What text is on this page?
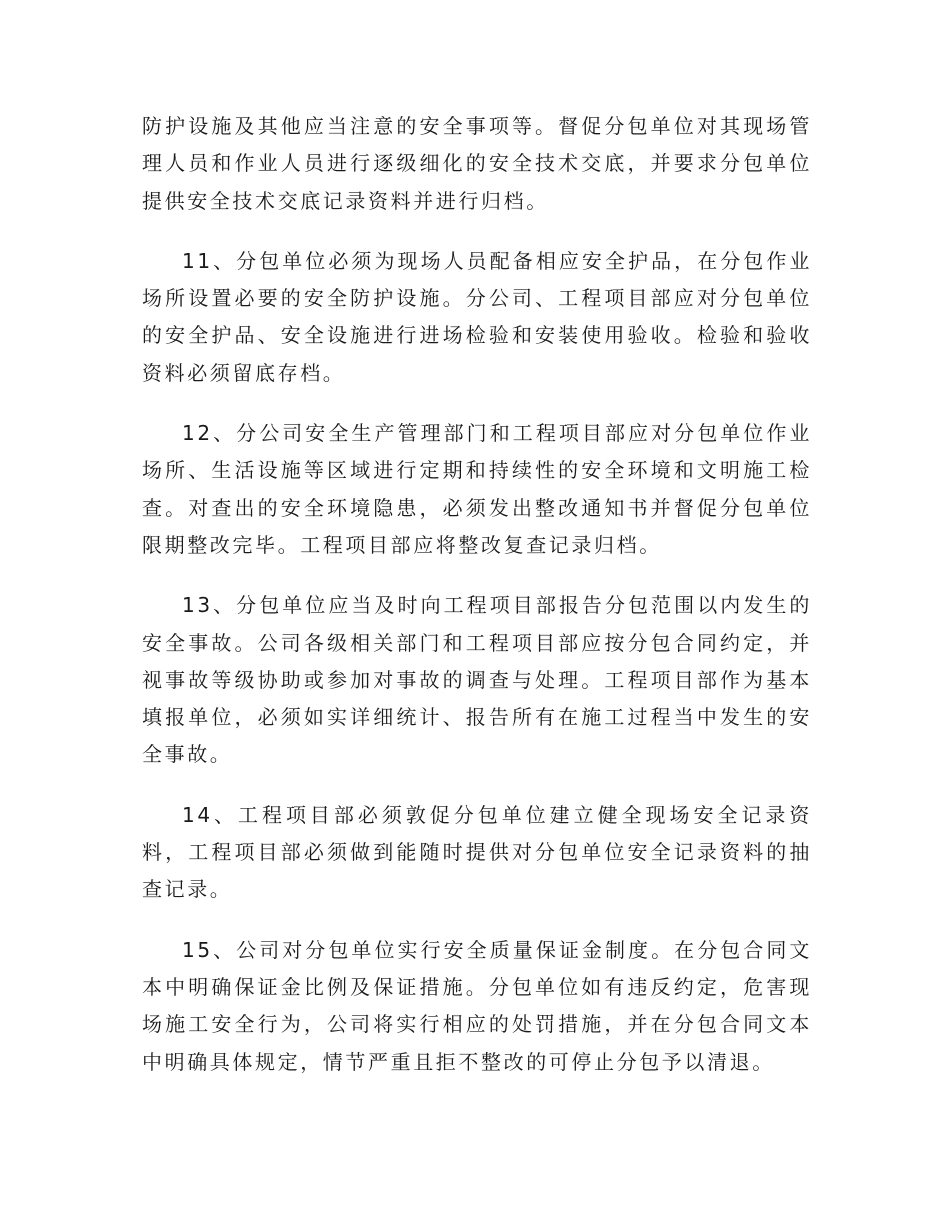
防护设施及其他应当注意的安全事项等。督促分包单位对其现场管理人员和作业人员进行逐级细化的安全技术交底，并要求分包单位提供安全技术交底记录资料并进行归档。

11、分包单位必须为现场人员配备相应安全护品，在分包作业场所设置必要的安全防护设施。分公司、工程项目部应对分包单位的安全护品、安全设施进行进场检验和安装使用验收。检验和验收资料必须留底存档。

12、分公司安全生产管理部门和工程项目部应对分包单位作业场所、生活设施等区域进行定期和持续性的安全环境和文明施工检查。对查出的安全环境隐患，必须发出整改通知书并督促分包单位限期整改完毕。工程项目部应将整改复查记录归档。

13、分包单位应当及时向工程项目部报告分包范围以内发生的安全事故。公司各级相关部门和工程项目部应按分包合同约定，并视事故等级协助或参加对事故的调查与处理。工程项目部作为基本填报单位，必须如实详细统计、报告所有在施工过程当中发生的安全事故。

14、工程项目部必须敦促分包单位建立健全现场安全记录资料，工程项目部必须做到能随时提供对分包单位安全记录资料的抽查记录。

15、公司对分包单位实行安全质量保证金制度。在分包合同文本中明确保证金比例及保证措施。分包单位如有违反约定，危害现场施工安全行为，公司将实行相应的处罚措施，并在分包合同文本中明确具体规定，情节严重且拒不整改的可停止分包予以清退。
